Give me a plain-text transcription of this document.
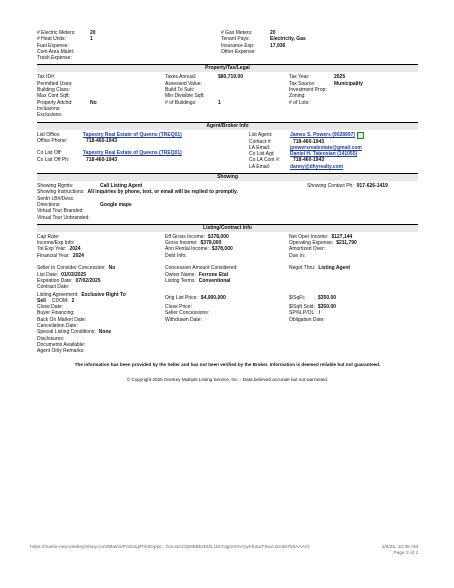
# Electric Meters:	20
# Heat Units:	1
Fuel Expense:
Com Area Maint:
Trash Expense:
# Gas Meters:	20
Tenant Pays:	Electricity, Gas
Insurance Exp:	17,936
Other Expense:
Property/Tax/Legal
Tax ID#:
Permitted Uses:
Building Class:
Max Cont Sqft:
Property Attchd:	No
Inclusions:
Exclusions:
Taxes Annual:	$80,719.00
Assessed Value:
Build To Suit:
Min Divisible Sqft:
# of Buildings:	1
Tax Year:	2025
Tax Source:	Municipality
Investment Prop:
Zoning:
# of Lots:
Agent/Broker Info
List Office:	Tapestry Real Estate of Queens (TREQ01)
Office Phone:	718-460-1943
Co List Off:	Tapestry Real Estate of Queens (TREQ01)
Co List Off Ph:	718-460-1943
List Agent:	James S. Powers (9028997)
Contact #:	718-460-1943
LA Email:	jpowersrealestate@gmail.com
Co List Agt:	Daniel H. Tateosian (141055)
Co LA Cont #:	718-460-1943
LA Email:	danny@dhyrealty.com
Showing
Showing Rgmts:	Call Listing Agent	Showing Contact Ph: 917-626-1419
Showing Instructions: All inquiries by phone, text, or email will be replied to promptly.
Sentri LB#/Desc:
Directions:	Google maps
Virtual Tour Branded:
Virtual Tour Unbranded:
Listing/Contract Info
Cap Rate:
Income/Exp Info:
Tot Exp Year: 2024
Financial Year: 2024
Eff Gross Income: $378,000
Gross Income: $378,000
Ann Rental Income: $378,000
Debt Info:
Net Oper Income: $127,144
Operating Expense: $211,790
Amortized Over:
Due In:
Seller to Consider Concession: No
List Date: 01/03/2025
Expiration Date: 07/02/2025
Contract Date:
Concession Amount Considered:
Owner Name: Ferrone Etal
Listing Terms: Conventional
Negot Thru: Listing Agent
Listing Agreement: Exclusive Right To
Sell CDOM: 2
Orig List Price: $4,900,000	$/SqFt:	$350.00
Close Date:
Buyer Financing:
Back On Market Date:
Cancellation Date:
Special Listing Conditions: None
Disclosures:
Documents Available:
Agent Only Remarks:
Close Price:
Seller Concessions:
Withdrawn Date:
$/Sqft Sold: $350.00
SP%LP/OL: /
Obligation Date:
The information has been provided by the Seller and has not been verified by the Broker. Information is deemed reliable but not guaranteed.
© Copyright 2025 OneKey Multiple Listing Service, Inc. - Data believed accurate but not warranted.
https://matrix-new.onekeymlsny.com/Matrix/Printing/PrintOptio...GmJoACQM6Bk2EtZLlJS7xpjmXhVGyKfroIuTSwAJzmDi7k6AAAA)	1/6/25, 10:38 AM
Page 2 of 2
